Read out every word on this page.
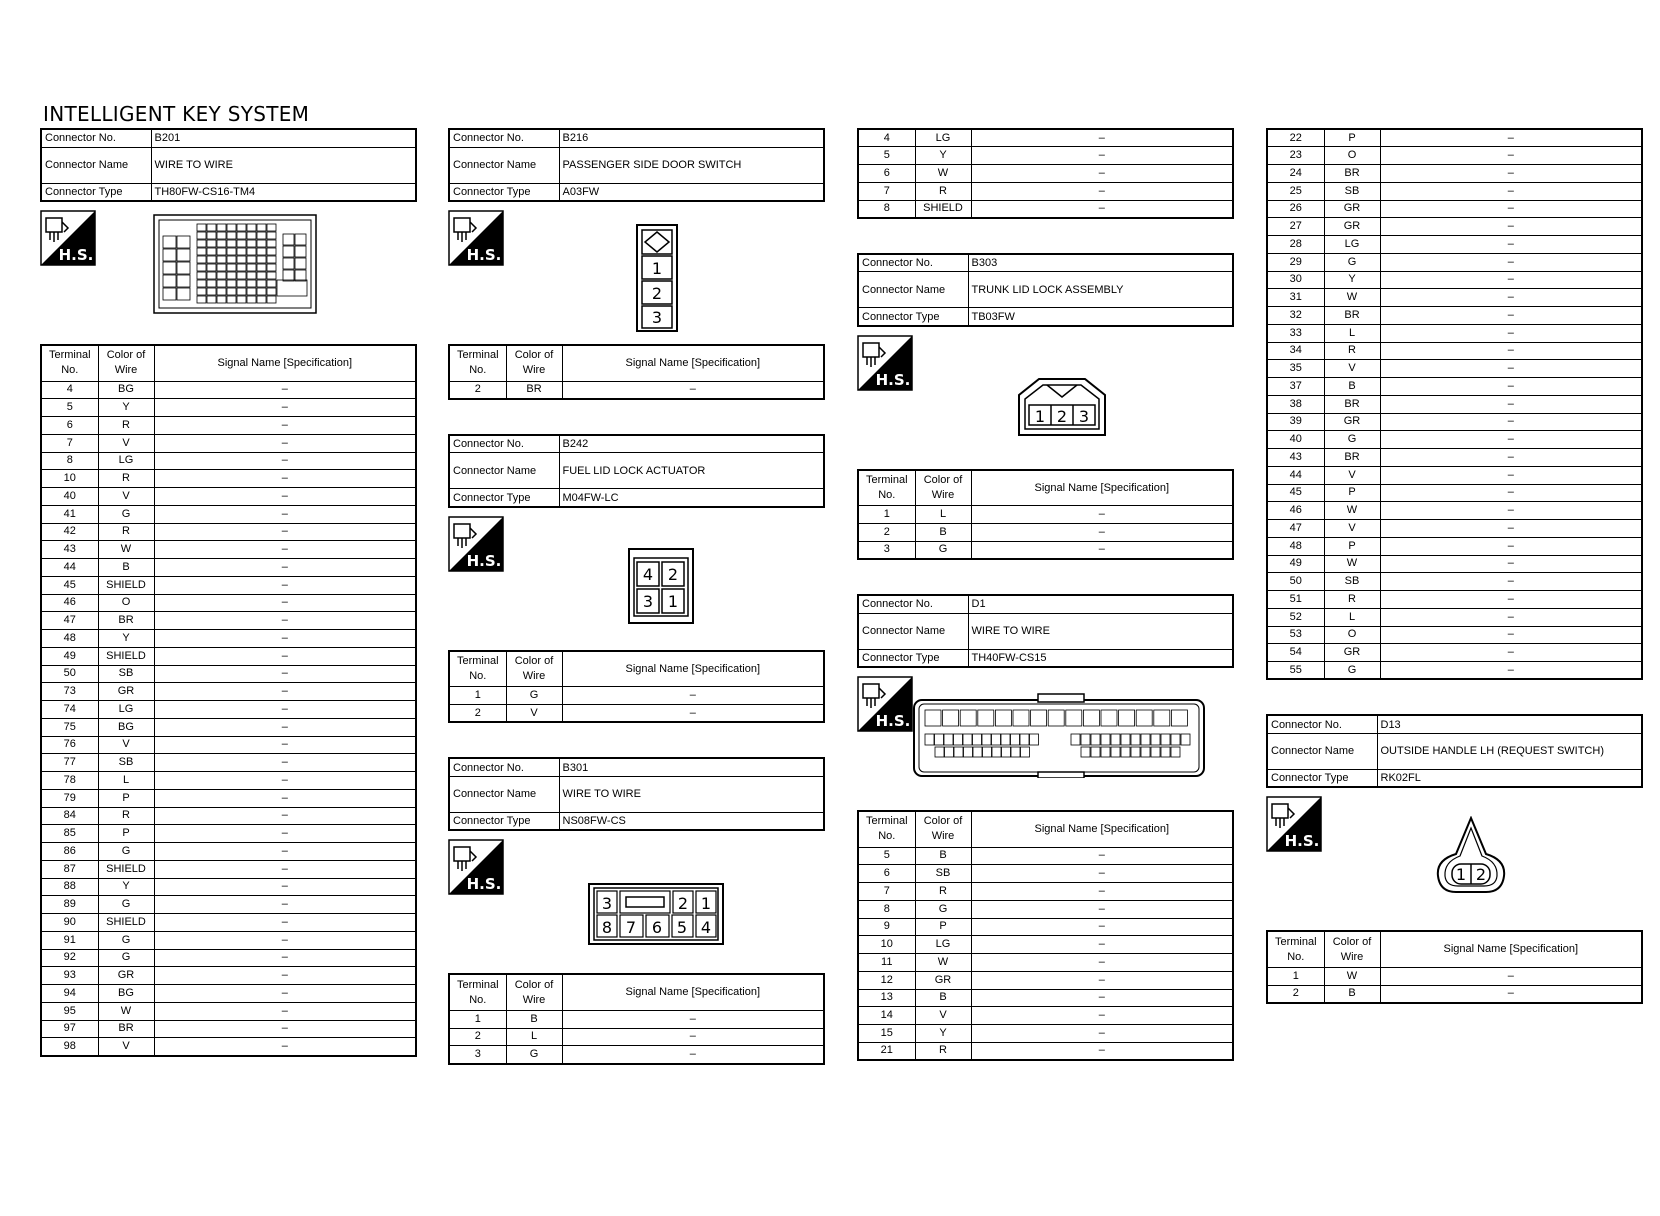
INTELLIGENT KEY SYSTEM
Connector No.	B201
Connector Name	WIRE TO WIRE
Connector Type	TH80FW-CS16-TM4
H.S.
Terminal No.	Color of Wire	Signal Name [Specification]
4	BG	–
5	Y	–
6	R	–
7	V	–
8	LG	–
10	R	–
40	V	–
41	G	–
42	R	–
43	W	–
44	B	–
45	SHIELD	–
46	O	–
47	BR	–
48	Y	–
49	SHIELD	–
50	SB	–
73	GR	–
74	LG	–
75	BG	–
76	V	–
77	SB	–
78	L	–
79	P	–
84	R	–
85	P	–
86	G	–
87	SHIELD	–
88	Y	–
89	G	–
90	SHIELD	–
91	G	–
92	G	–
93	GR	–
94	BG	–
95	W	–
97	BR	–
98	V	–
Connector No.	B216
Connector Name	PASSENGER SIDE DOOR SWITCH
Connector Type	A03FW
H.S.
1
2
3
Terminal No.	Color of Wire	Signal Name [Specification]
2	BR	–
Connector No.	B242
Connector Name	FUEL LID LOCK ACTUATOR
Connector Type	M04FW-LC
H.S.
4 2
3 1
Terminal No.	Color of Wire	Signal Name [Specification]
1	G	–
2	V	–
Connector No.	B301
Connector Name	WIRE TO WIRE
Connector Type	NS08FW-CS
H.S.
3	2 1
8 7 6 5 4
Terminal No.	Color of Wire	Signal Name [Specification]
1	B	–
2	L	–
3	G	–
4	LG	–
5	Y	–
6	W	–
7	R	–
8	SHIELD	–
Connector No.	B303
Connector Name	TRUNK LID LOCK ASSEMBLY
Connector Type	TB03FW
H.S.
1 2 3
Terminal No.	Color of Wire	Signal Name [Specification]
1	L	–
2	B	–
3	G	–
Connector No.	D1
Connector Name	WIRE TO WIRE
Connector Type	TH40FW-CS15
H.S.
Terminal No.	Color of Wire	Signal Name [Specification]
5	B	–
6	SB	–
7	R	–
8	G	–
9	P	–
10	LG	–
11	W	–
12	GR	–
13	B	–
14	V	–
15	Y	–
21	R	–
22	P	–
23	O	–
24	BR	–
25	SB	–
26	GR	–
27	GR	–
28	LG	–
29	G	–
30	Y	–
31	W	–
32	BR	–
33	L	–
34	R	–
35	V	–
37	B	–
38	BR	–
39	GR	–
40	G	–
43	BR	–
44	V	–
45	P	–
46	W	–
47	V	–
48	P	–
49	W	–
50	SB	–
51	R	–
52	L	–
53	O	–
54	GR	–
55	G	–
Connector No.	D13
Connector Name	OUTSIDE HANDLE LH (REQUEST SWITCH)
Connector Type	RK02FL
H.S.
1 2
Terminal No.	Color of Wire	Signal Name [Specification]
1	W	–
2	B	–
